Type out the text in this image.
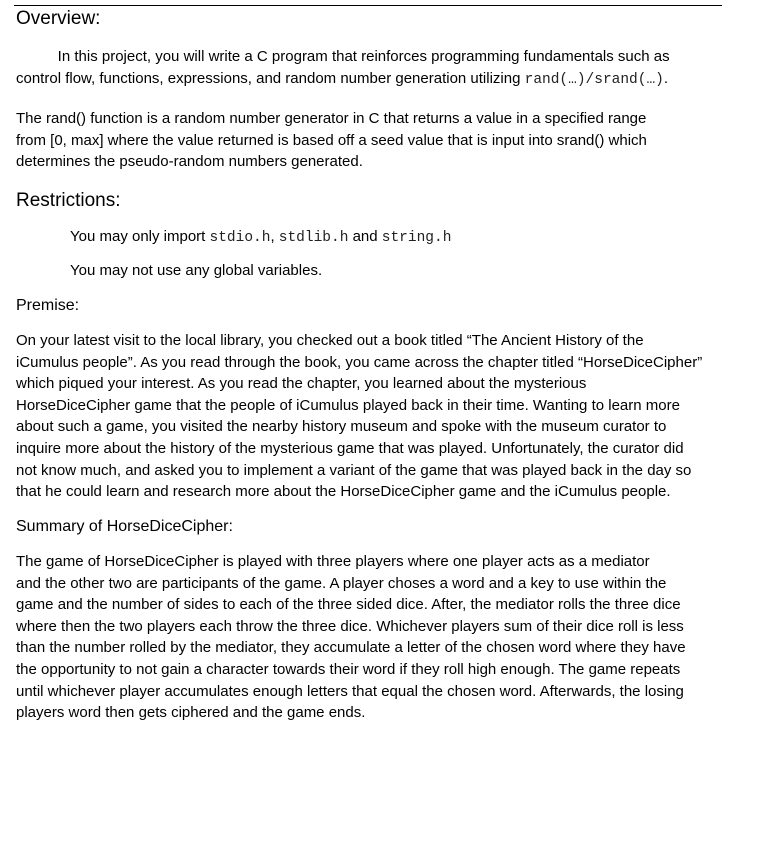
Overview:

In this project, you will write a C program that reinforces programming fundamentals such as
control flow, functions, expressions, and random number generation utilizing rand(…)/srand(…).

The rand() function is a random number generator in C that returns a value in a specified range
from [0, max] where the value returned is based off a seed value that is input into srand() which
determines the pseudo-random numbers generated.

Restrictions:

You may only import stdio.h, stdlib.h and string.h

You may not use any global variables.

Premise:

On your latest visit to the local library, you checked out a book titled “The Ancient History of the
iCumulus people”. As you read through the book, you came across the chapter titled “HorseDiceCipher”
which piqued your interest. As you read the chapter, you learned about the mysterious
HorseDiceCipher game that the people of iCumulus played back in their time. Wanting to learn more
about such a game, you visited the nearby history museum and spoke with the museum curator to
inquire more about the history of the mysterious game that was played. Unfortunately, the curator did
not know much, and asked you to implement a variant of the game that was played back in the day so
that he could learn and research more about the HorseDiceCipher game and the iCumulus people.

Summary of HorseDiceCipher:

The game of HorseDiceCipher is played with three players where one player acts as a mediator
and the other two are participants of the game. A player choses a word and a key to use within the
game and the number of sides to each of the three sided dice. After, the mediator rolls the three dice
where then the two players each throw the three dice. Whichever players sum of their dice roll is less
than the number rolled by the mediator, they accumulate a letter of the chosen word where they have
the opportunity to not gain a character towards their word if they roll high enough. The game repeats
until whichever player accumulates enough letters that equal the chosen word. Afterwards, the losing
players word then gets ciphered and the game ends.
